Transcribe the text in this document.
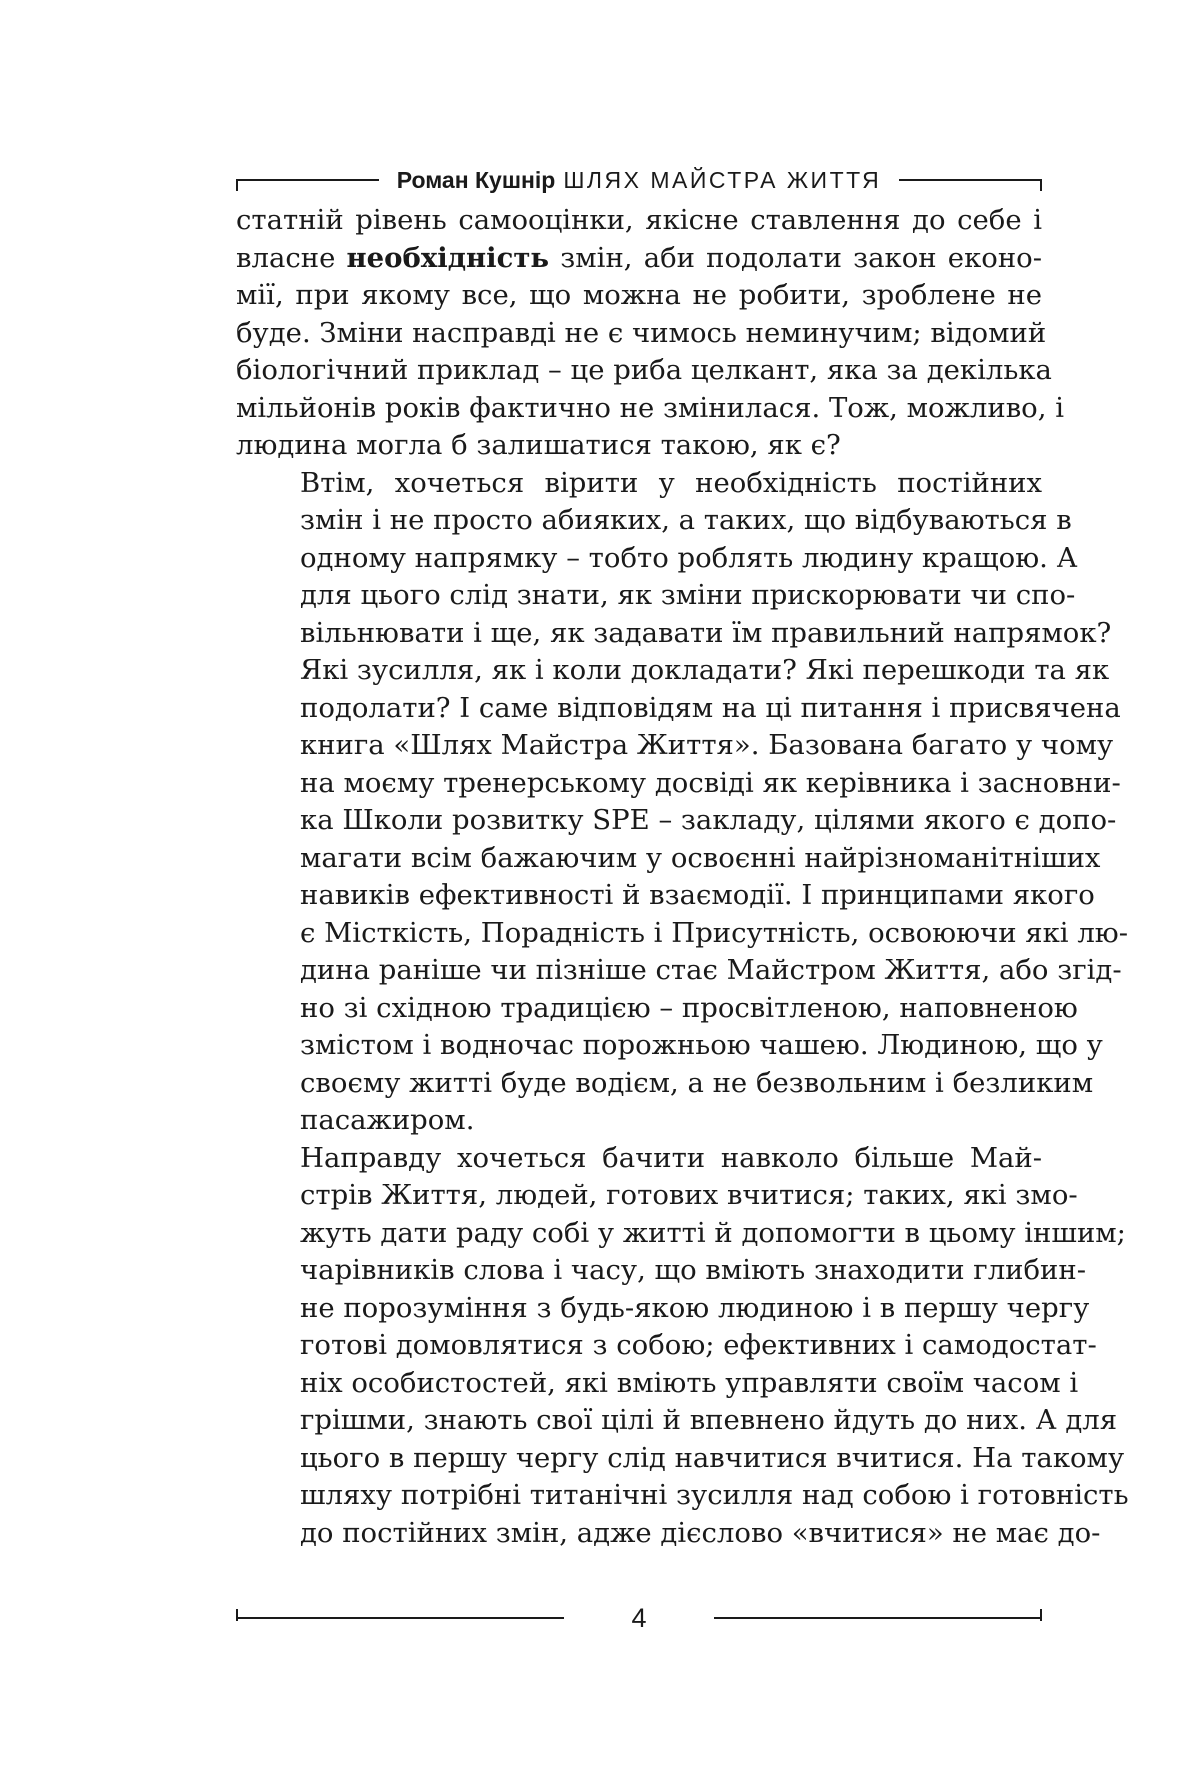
Роман Кушнір ШЛЯХ МАЙСТРА ЖИТТЯ

статній рівень самооцінки, якісне ставлення до себе і
власне необхідність змін, аби подолати закон еконо-
мії, при якому все, що можна не робити, зроблене не
буде. Зміни насправді не є чимось неминучим; відомий
біологічний приклад – це риба целкант, яка за декілька
мільйонів років фактично не змінилася. Тож, можливо, і
людина могла б залишатися такою, як є?

Втім, хочеться вірити у необхідність постійних
змін і не просто абияких, а таких, що відбуваються в
одному напрямку – тобто роблять людину кращою. А
для цього слід знати, як зміни прискорювати чи спо-
вільнювати і ще, як задавати їм правильний напрямок?
Які зусилля, як і коли докладати? Які перешкоди та як
подолати? І саме відповідям на ці питання і присвячена
книга «Шлях Майстра Життя». Базована багато у чому
на моєму тренерському досвіді як керівника і засновни-
ка Школи розвитку SPE – закладу, цілями якого є допо-
магати всім бажаючим у освоєнні найрізноманітніших
навиків ефективності й взаємодії. І принципами якого
є Місткість, Порадність і Присутність, освоюючи які лю-
дина раніше чи пізніше стає Майстром Життя, або згід-
но зі східною традицією – просвітленою, наповненою
змістом і водночас порожньою чашею. Людиною, що у
своєму житті буде водієм, а не безвольним і безликим
пасажиром.

Направду хочеться бачити навколо більше Май-
стрів Життя, людей, готових вчитися; таких, які змо-
жуть дати раду собі у житті й допомогти в цьому іншим;
чарівників слова і часу, що вміють знаходити глибин-
не порозуміння з будь-якою людиною і в першу чергу
готові домовлятися з собою; ефективних і самодостат-
ніх особистостей, які вміють управляти своїм часом і
грішми, знають свої цілі й впевнено йдуть до них. А для
цього в першу чергу слід навчитися вчитися. На такому
шляху потрібні титанічні зусилля над собою і готовність
до постійних змін, адже дієслово «вчитися» не має до-

4
